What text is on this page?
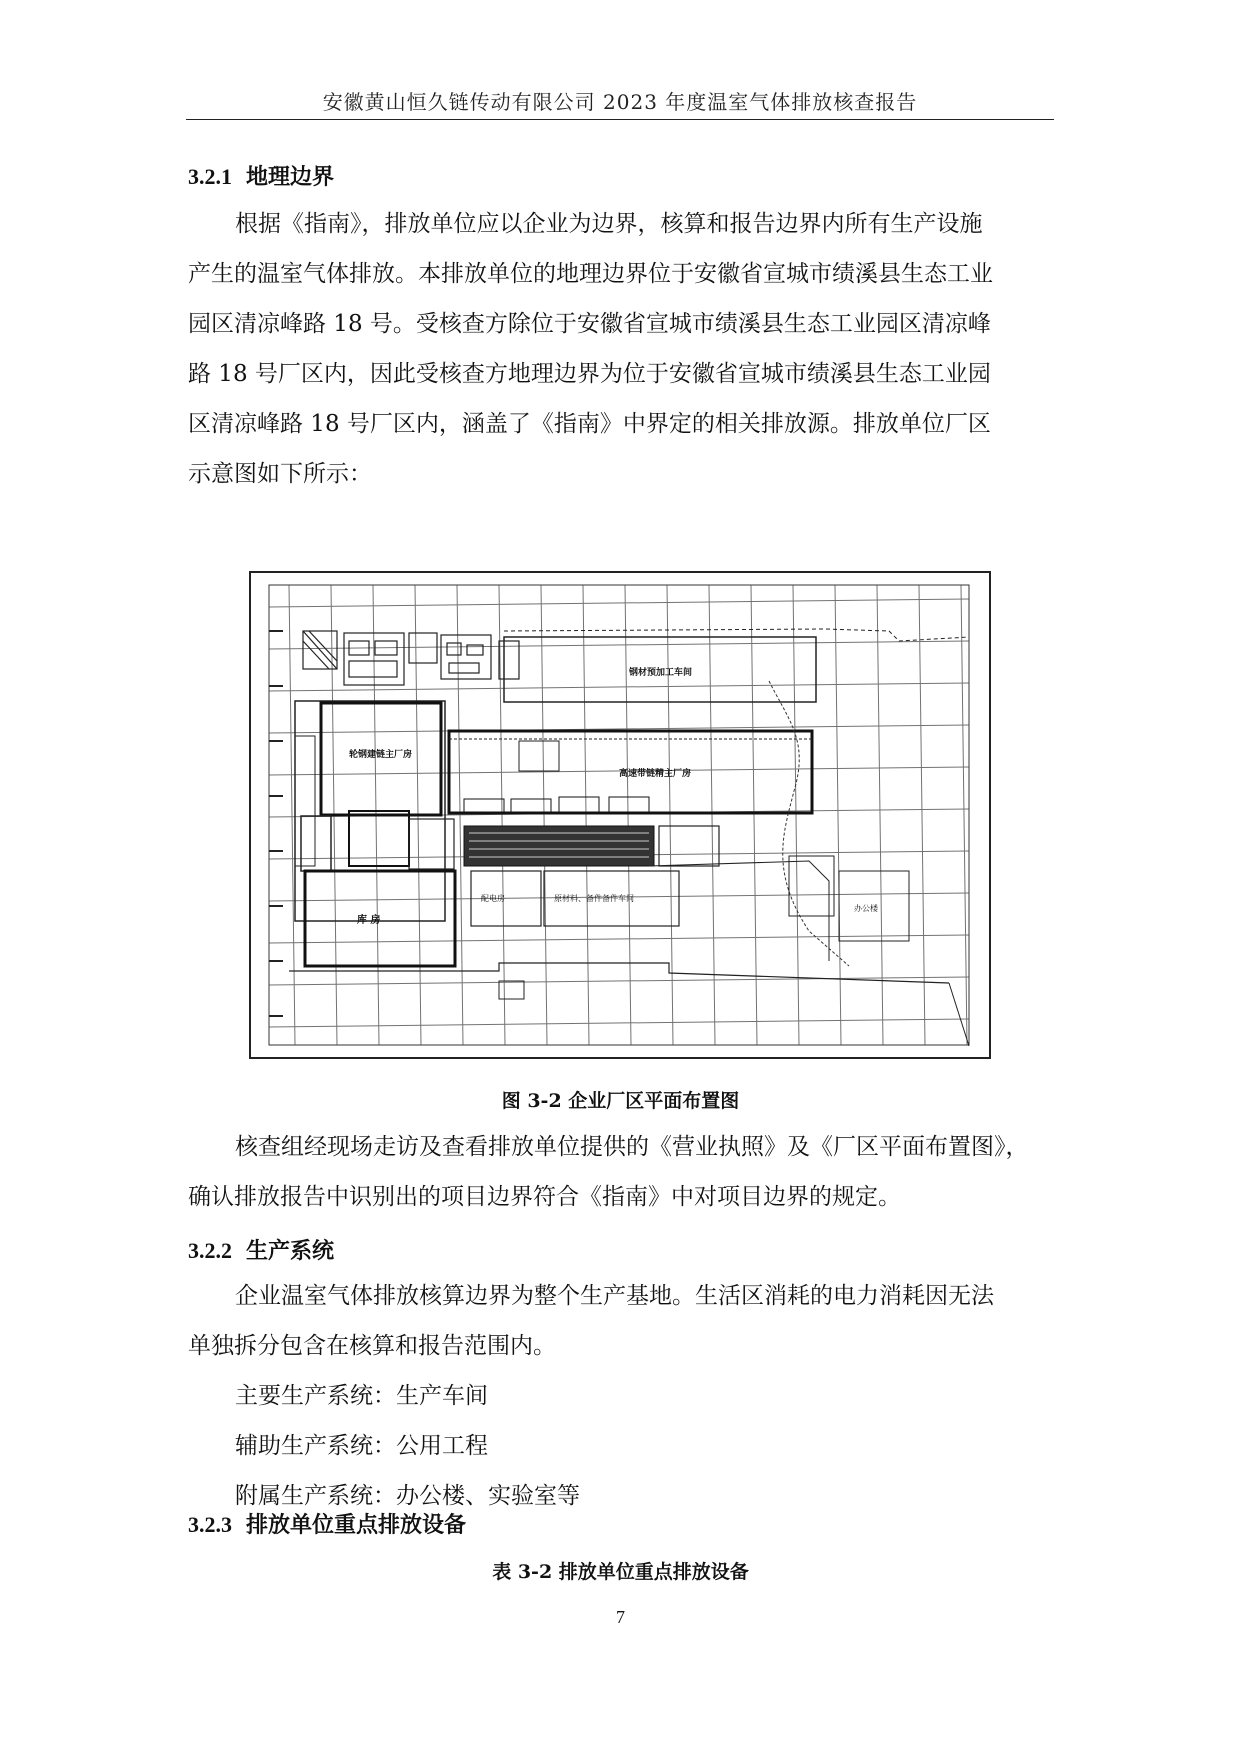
安徽黄山恒久链传动有限公司 2023 年度温室气体排放核查报告
3.2.1 地理边界
根据《指南》，排放单位应以企业为边界，核算和报告边界内所有生产设施
产生的温室气体排放。本排放单位的地理边界位于安徽省宣城市绩溪县生态工业
园区清凉峰路 18 号。受核查方除位于安徽省宣城市绩溪县生态工业园区清凉峰
路 18 号厂区内，因此受核查方地理边界为位于安徽省宣城市绩溪县生态工业园
区清凉峰路 18 号厂区内，涵盖了《指南》中界定的相关排放源。排放单位厂区
示意图如下所示：
钢材预加工车间
轮钢建链主厂房
高速带链精主厂房
库 房
配电房	原材料、备件备件车间
办公楼
图 3-2 企业厂区平面布置图
核查组经现场走访及查看排放单位提供的《营业执照》及《厂区平面布置图》，
确认排放报告中识别出的项目边界符合《指南》中对项目边界的规定。
3.2.2 生产系统
企业温室气体排放核算边界为整个生产基地。生活区消耗的电力消耗因无法
单独拆分包含在核算和报告范围内。
主要生产系统：生产车间
辅助生产系统：公用工程
附属生产系统：办公楼、实验室等
3.2.3 排放单位重点排放设备
表 3-2 排放单位重点排放设备
7
